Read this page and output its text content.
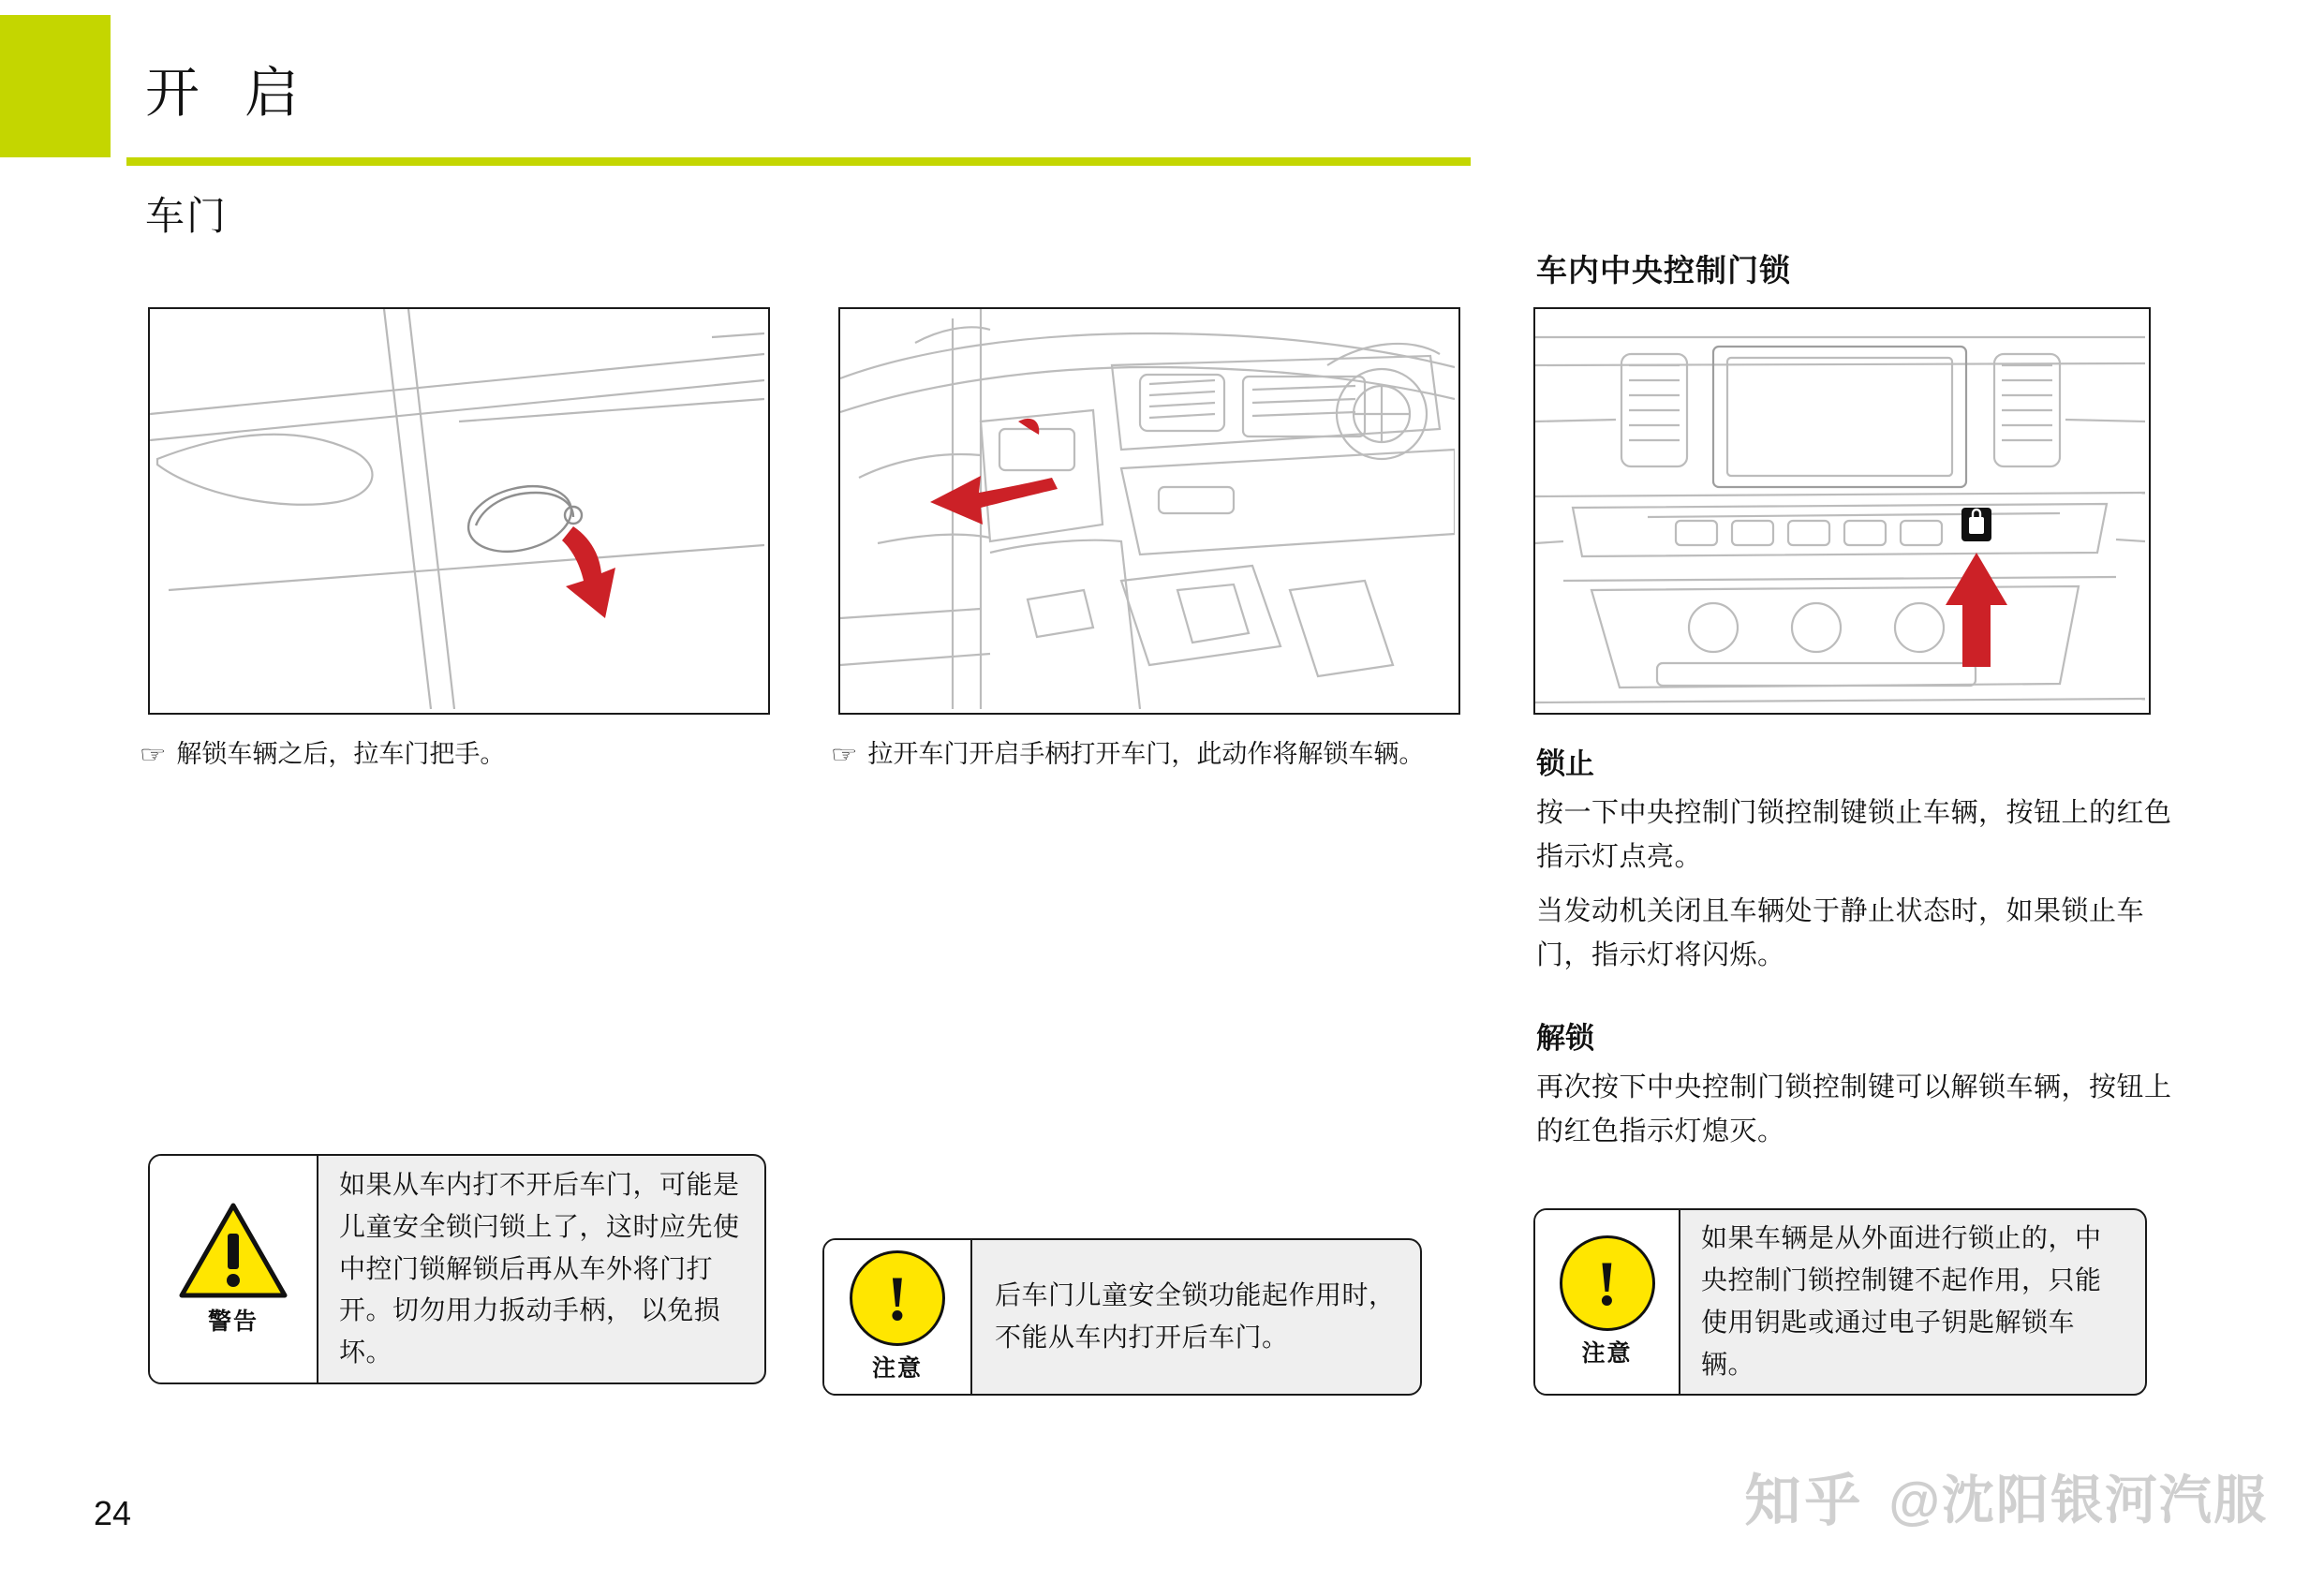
开 启
车门
☞ 解锁车辆之后，拉车门把手。	☞ 拉开车门开启手柄打开车门，此动作将解锁车辆。
车内中央控制门锁
锁止
按一下中央控制门锁控制键锁止车辆，按钮上的红色指示灯点亮。
当发动机关闭且车辆处于静止状态时，如果锁止车门，指示灯将闪烁。
解锁
再次按下中央控制门锁控制键可以解锁车辆，按钮上的红色指示灯熄灭。
警告
如果从车内打不开后车门，可能是儿童安全锁闩锁上了，这时应先使中控门锁解锁后再从车外将门打开。切勿用力扳动手柄， 以免损坏。
!
注意
后车门儿童安全锁功能起作用时，不能从车内打开后车门。
!
注意
如果车辆是从外面进行锁止的，中央控制门锁控制键不起作用，只能使用钥匙或通过电子钥匙解锁车辆。
24	知乎 @沈阳银河汽服
